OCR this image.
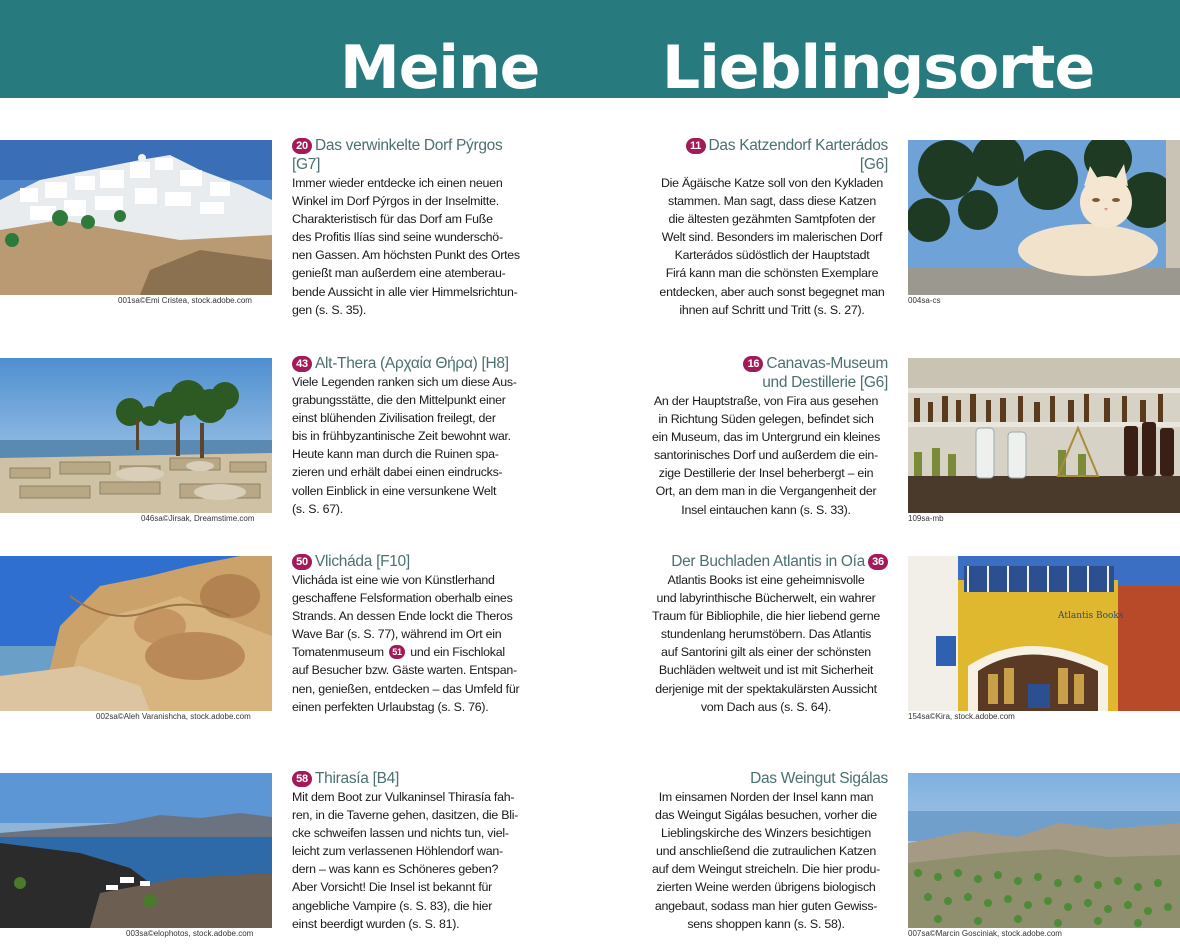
Meine Lieblingsorte
001sa©Emi Cristea, stock.adobe.com
20 Das verwinkelte Dorf Pýrgos [G7]
Immer wieder entdecke ich einen neuen
Winkel im Dorf Pýrgos in der Inselmitte.
Charakteristisch für das Dorf am Fuße
des Profitis Ilías sind seine wunderschö-
nen Gassen. Am höchsten Punkt des Ortes
genießt man außerdem eine atemberau-
bende Aussicht in alle vier Himmelsrichtun-
gen (s. S. 35).
046sa©Jirsak, Dreamstime.com
43 Alt-Thera (Αρχαία Θήρα) [H8]
Viele Legenden ranken sich um diese Aus-
grabungsstätte, die den Mittelpunkt einer
einst blühenden Zivilisation freilegt, der
bis in frühbyzantinische Zeit bewohnt war.
Heute kann man durch die Ruinen spa-
zieren und erhält dabei einen eindrucks-
vollen Einblick in eine versunkene Welt
(s. S. 67).
002sa©Aleh Varanishcha, stock.adobe.com
50 Vlicháda [F10]
Vlicháda ist eine wie von Künstlerhand
geschaffene Felsformation oberhalb eines
Strands. An dessen Ende lockt die Theros
Wave Bar (s. S. 77), während im Ort ein
Tomatenmuseum 51 und ein Fischlokal
auf Besucher bzw. Gäste warten. Entspan-
nen, genießen, entdecken – das Umfeld für
einen perfekten Urlaubstag (s. S. 76).
003sa©elophotos, stock.adobe.com
58 Thirasía [B4]
Mit dem Boot zur Vulkaninsel Thirasía fah-
ren, in die Taverne gehen, dasitzen, die Bli-
cke schweifen lassen und nichts tun, viel-
leicht zum verlassenen Höhlendorf wan-
dern – was kann es Schöneres geben?
Aber Vorsicht! Die Insel ist bekannt für
angebliche Vampire (s. S. 83), die hier
einst beerdigt wurden (s. S. 81).
004sa-cs
11 Das Katzendorf Karterádos [G6]
Die Ägäische Katze soll von den Kykladen
stammen. Man sagt, dass diese Katzen
die ältesten gezähmten Samtpfoten der
Welt sind. Besonders im malerischen Dorf
Karterádos südöstlich der Hauptstadt
Firá kann man die schönsten Exemplare
entdecken, aber auch sonst begegnet man
ihnen auf Schritt und Tritt (s. S. 27).
109sa-mb
16 Canavas-Museum
und Destillerie [G6]
An der Hauptstraße, von Fira aus gesehen
in Richtung Süden gelegen, befindet sich
ein Museum, das im Untergrund ein kleines
santorinisches Dorf und außerdem die ein-
zige Destillerie der Insel beherbergt – ein
Ort, an dem man in die Vergangenheit der
Insel eintauchen kann (s. S. 33).
Atlantis Books
154sa©Kira, stock.adobe.com
Der Buchladen Atlantis in Oía 36
Atlantis Books ist eine geheimnisvolle
und labyrinthische Bücherwelt, ein wahrer
Traum für Bibliophile, die hier liebend gerne
stundenlang herumstöbern. Das Atlantis
auf Santorini gilt als einer der schönsten
Buchläden weltweit und ist mit Sicherheit
derjenige mit der spektakulärsten Aussicht
vom Dach aus (s. S. 64).
007sa©Marcin Gosciniak, stock.adobe.com
Das Weingut Sigálas
Im einsamen Norden der Insel kann man
das Weingut Sigálas besuchen, vorher die
Lieblingskirche des Winzers besichtigen
und anschließend die zutraulichen Katzen
auf dem Weingut streicheln. Die hier produ-
zierten Weine werden übrigens biologisch
angebaut, sodass man hier guten Gewiss-
sens shoppen kann (s. S. 58).
